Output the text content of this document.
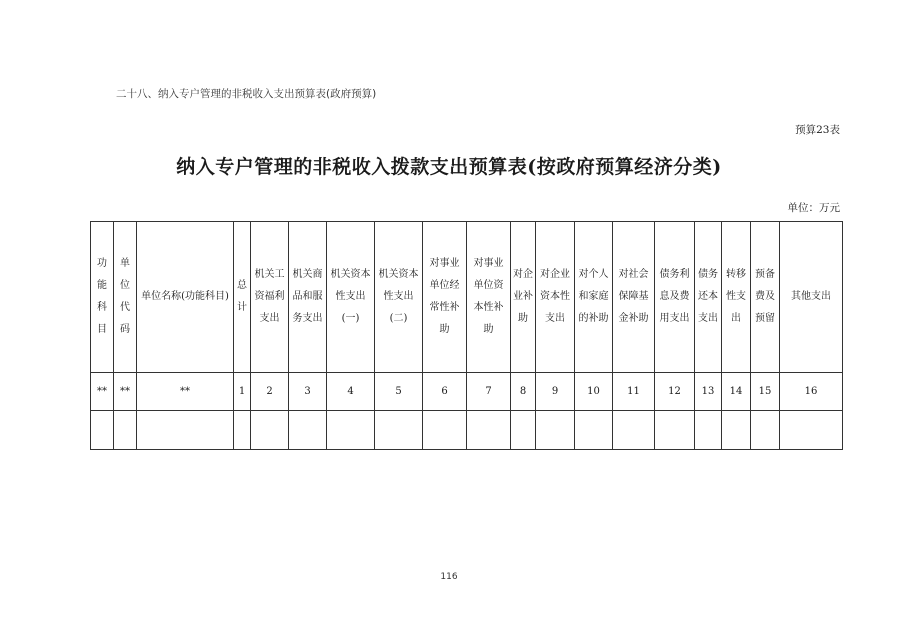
二十八、纳入专户管理的非税收入支出预算表(政府预算)
预算23表
纳入专户管理的非税收入拨款支出预算表(按政府预算经济分类)
单位：万元
功能科目	单位代码	单位名称(功能科目)	总计	机关工资福利支出	机关商品和服务支出	机关资本性支出(一)	机关资本性支出(二)	对事业单位经常性补助	对事业单位资本性补助	对企业补助	对企业资本性支出	对个人和家庭的补助	对社会保障基金补助	债务利息及费用支出	债务还本支出	转移性支出	预备费及预留	其他支出
**	**	**	1	2	3	4	5	6	7	8	9	10	11	12	13	14	15	16

116
